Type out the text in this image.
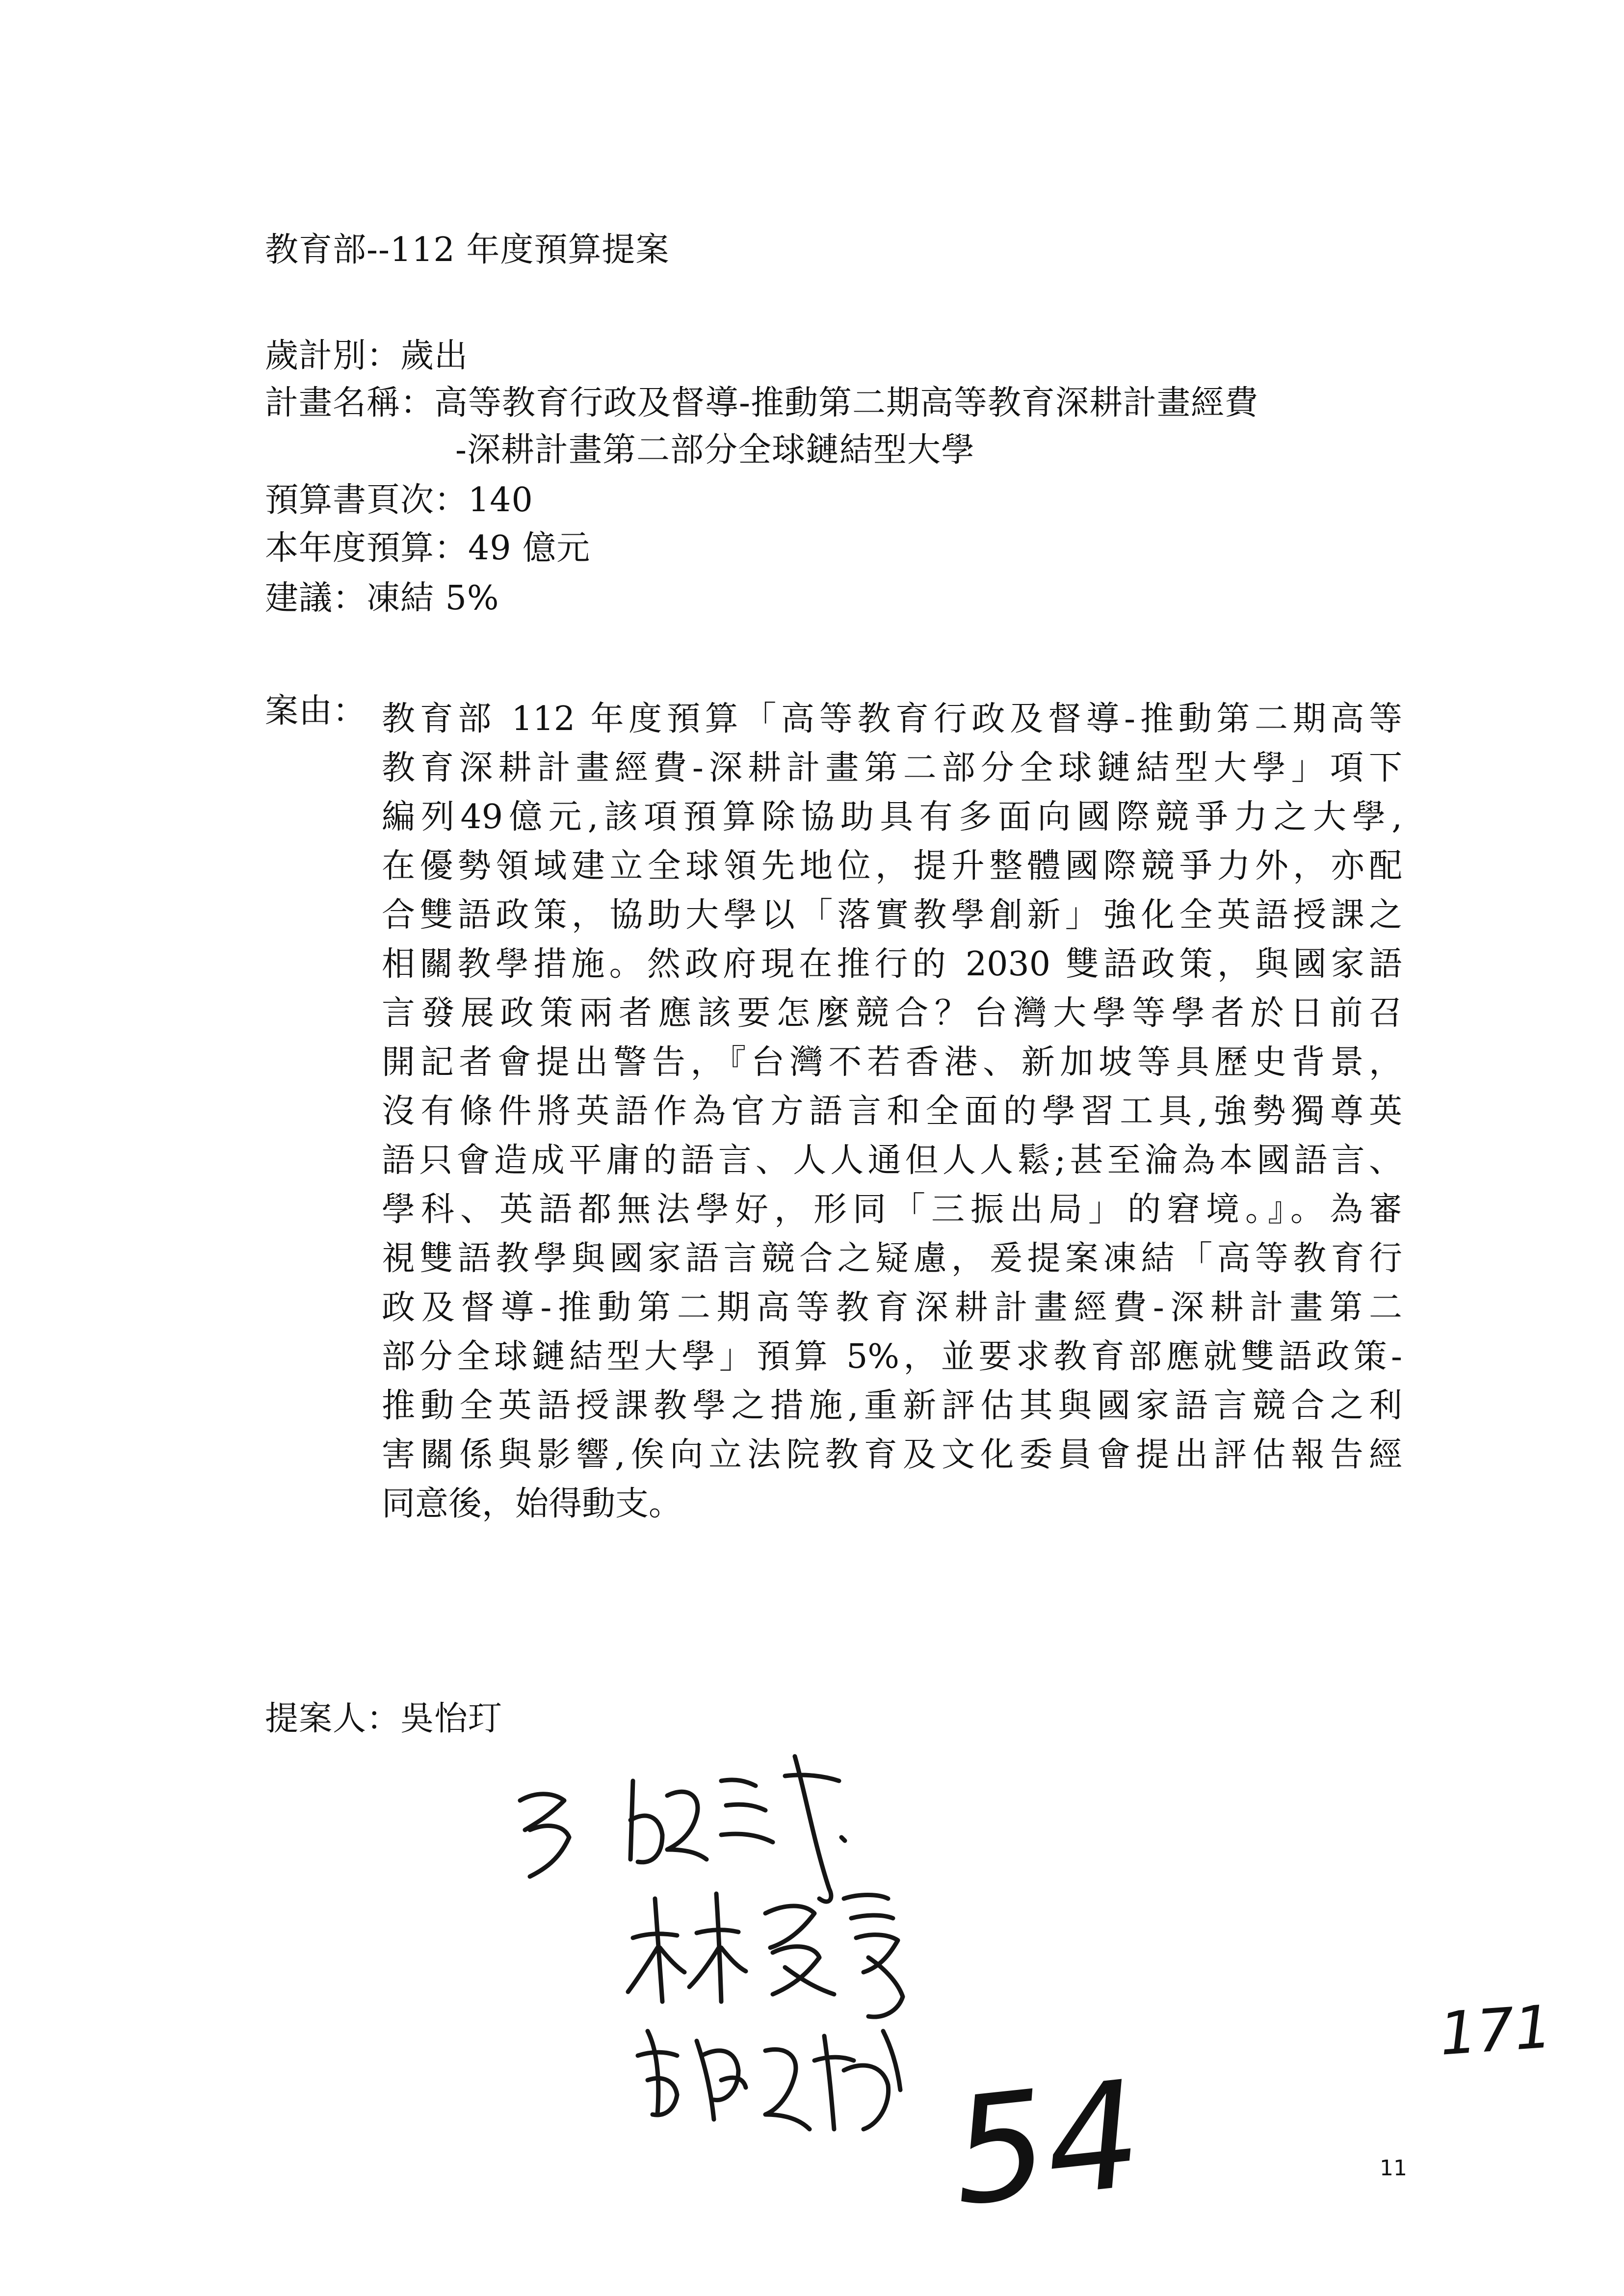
教育部--112 年度預算提案
歲計別：歲出
計畫名稱：高等教育行政及督導-推動第二期高等教育深耕計畫經費
-深耕計畫第二部分全球鏈結型大學
預算書頁次：140
本年度預算：49 億元
建議：凍結 5%
案由： 教育部 112 年度預算「高等教育行政及督導-推動第二期高等
教育深耕計畫經費-深耕計畫第二部分全球鏈結型大學」項下
編列49億元,該項預算除協助具有多面向國際競爭力之大學,
在優勢領域建立全球領先地位，提升整體國際競爭力外，亦配
合雙語政策，協助大學以「落實教學創新」強化全英語授課之
相關教學措施。然政府現在推行的 2030 雙語政策，與國家語
言發展政策兩者應該要怎麼競合？台灣大學等學者於日前召
開記者會提出警告，『台灣不若香港、新加坡等具歷史背景，
沒有條件將英語作為官方語言和全面的學習工具,強勢獨尊英
語只會造成平庸的語言、人人通但人人鬆;甚至淪為本國語言、
學科、英語都無法學好，形同「三振出局」的窘境。』。為審
視雙語教學與國家語言競合之疑慮，爰提案凍結「高等教育行
政及督導-推動第二期高等教育深耕計畫經費-深耕計畫第二
部分全球鏈結型大學」預算 5%，並要求教育部應就雙語政策-
推動全英語授課教學之措施,重新評估其與國家語言競合之利
害關係與影響,俟向立法院教育及文化委員會提出評估報告經
同意後，始得動支。
提案人：吳怡玎
54
171
11
